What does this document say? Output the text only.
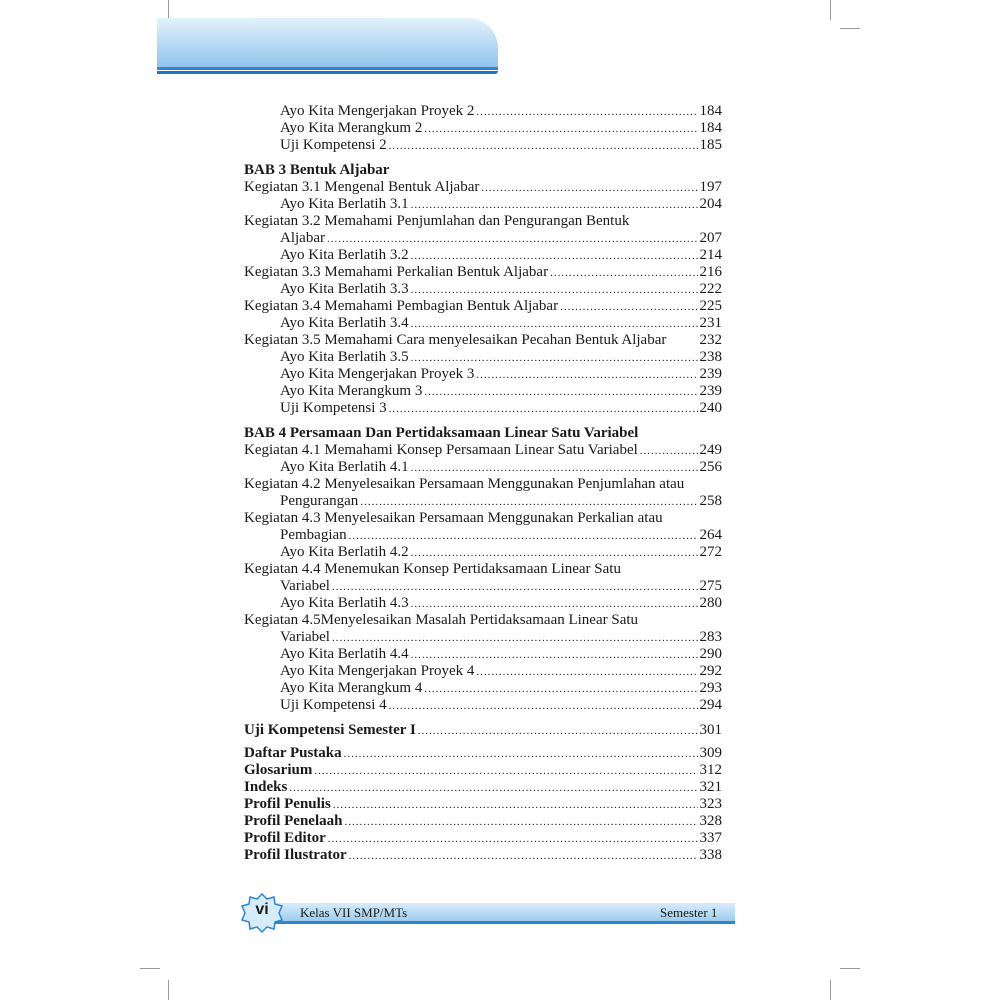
Ayo Kita Mengerjakan Proyek 2 .....	184
Ayo Kita Merangkum 2 .....	184
Uji Kompetensi 2 .....	185
BAB 3 Bentuk Aljabar
Kegiatan 3.1 Mengenal Bentuk Aljabar .....	197
Ayo Kita Berlatih 3.1 .....	204
Kegiatan 3.2 Memahami Penjumlahan dan Pengurangan Bentuk
Aljabar .....	207
Ayo Kita Berlatih 3.2 .....	214
Kegiatan 3.3 Memahami Perkalian Bentuk Aljabar .....	216
Ayo Kita Berlatih 3.3 .....	222
Kegiatan 3.4 Memahami Pembagian Bentuk Aljabar .....	225
Ayo Kita Berlatih 3.4 .....	231
Kegiatan 3.5 Memahami Cara menyelesaikan Pecahan Bentuk Aljabar 232
Ayo Kita Berlatih 3.5 .....	238
Ayo Kita Mengerjakan Proyek 3 .....	239
Ayo Kita Merangkum 3 .....	239
Uji Kompetensi 3 .....	240
BAB 4 Persamaan Dan Pertidaksamaan Linear Satu Variabel
Kegiatan 4.1 Memahami Konsep Persamaan Linear Satu Variabel .....	249
Ayo Kita Berlatih 4.1 .....	256
Kegiatan 4.2 Menyelesaikan Persamaan Menggunakan Penjumlahan atau
Pengurangan .....	258
Kegiatan 4.3 Menyelesaikan Persamaan Menggunakan Perkalian atau
Pembagian .....	264
Ayo Kita Berlatih 4.2 .....	272
Kegiatan 4.4 Menemukan Konsep Pertidaksamaan Linear Satu
Variabel .....	275
Ayo Kita Berlatih 4.3 .....	280
Kegiatan 4.5Menyelesaikan Masalah Pertidaksamaan Linear Satu
Variabel .....	283
Ayo Kita Berlatih 4.4 .....	290
Ayo Kita Mengerjakan Proyek 4 .....	292
Ayo Kita Merangkum 4 .....	293
Uji Kompetensi 4 .....	294
Uji Kompetensi Semester I .....	301
Daftar Pustaka .....	309
Glosarium .....	312
Indeks .....	321
Profil Penulis .....	323
Profil Penelaah .....	328
Profil Editor .....	337
Profil Ilustrator .....	338
vi	Kelas VII SMP/MTs	Semester 1
